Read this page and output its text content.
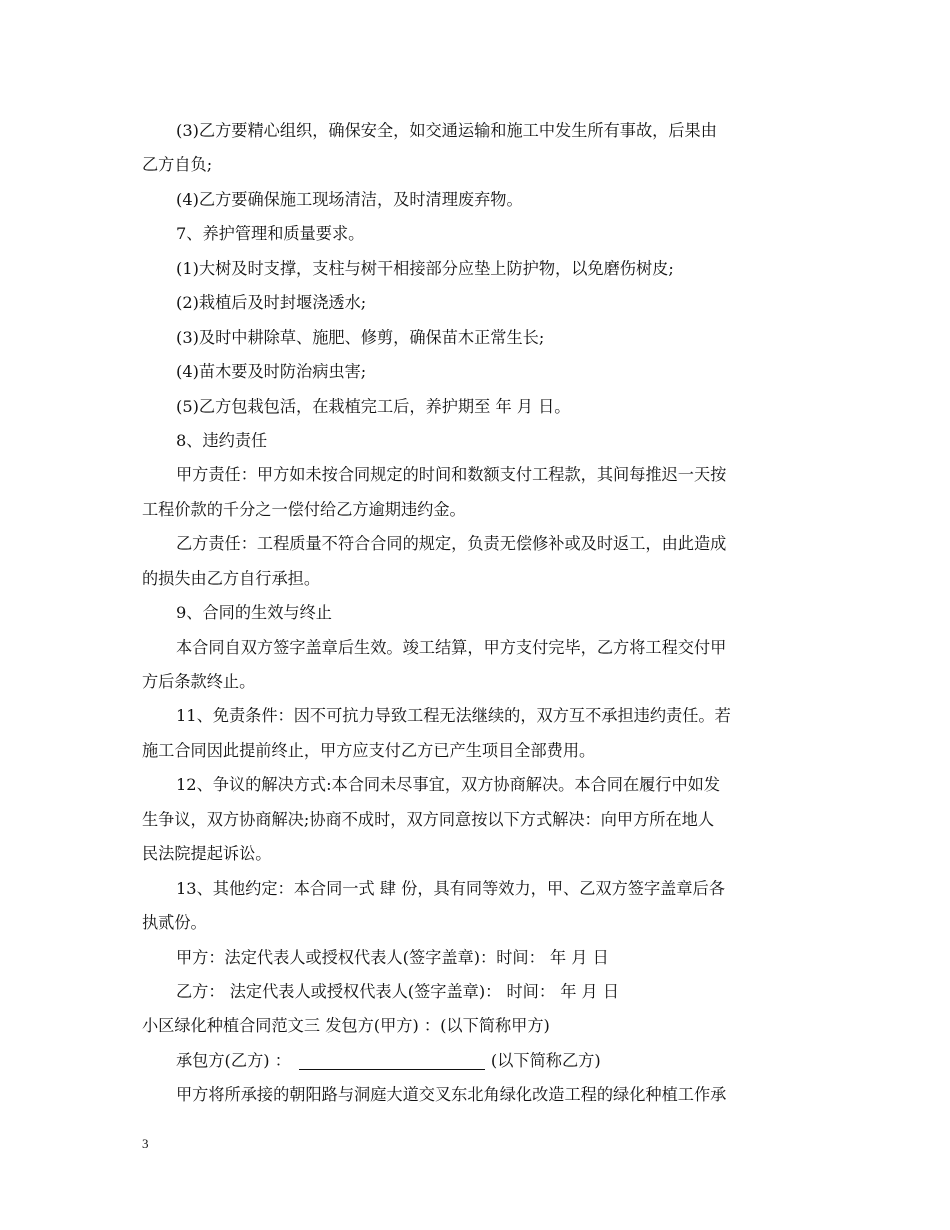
(3)乙方要精心组织，确保安全，如交通运输和施工中发生所有事故，后果由
乙方自负;
(4)乙方要确保施工现场清洁，及时清理废弃物。
7、养护管理和质量要求。
(1)大树及时支撑，支柱与树干相接部分应垫上防护物，以免磨伤树皮;
(2)栽植后及时封堰浇透水;
(3)及时中耕除草、施肥、修剪，确保苗木正常生长;
(4)苗木要及时防治病虫害;
(5)乙方包栽包活，在栽植完工后，养护期至 年 月 日。
8、违约责任
甲方责任：甲方如未按合同规定的时间和数额支付工程款，其间每推迟一天按
工程价款的千分之一偿付给乙方逾期违约金。
乙方责任：工程质量不符合合同的规定，负责无偿修补或及时返工，由此造成
的损失由乙方自行承担。
9、合同的生效与终止
本合同自双方签字盖章后生效。竣工结算，甲方支付完毕，乙方将工程交付甲
方后条款终止。
11、免责条件：因不可抗力导致工程无法继续的，双方互不承担违约责任。若
施工合同因此提前终止，甲方应支付乙方已产生项目全部费用。
12、争议的解决方式:本合同未尽事宜，双方协商解决。本合同在履行中如发
生争议，双方协商解决;协商不成时，双方同意按以下方式解决：向甲方所在地人
民法院提起诉讼。
13、其他约定：本合同一式 肆 份，具有同等效力，甲、乙双方签字盖章后各
执贰份。
甲方：法定代表人或授权代表人(签字盖章)：时间： 年 月 日
乙方： 法定代表人或授权代表人(签字盖章)： 时间： 年 月 日
小区绿化种植合同范文三 发包方(甲方) ：(以下简称甲方)
承包方(乙方) ：	(以下简称乙方)
甲方将所承接的朝阳路与洞庭大道交叉东北角绿化改造工程的绿化种植工作承
3
